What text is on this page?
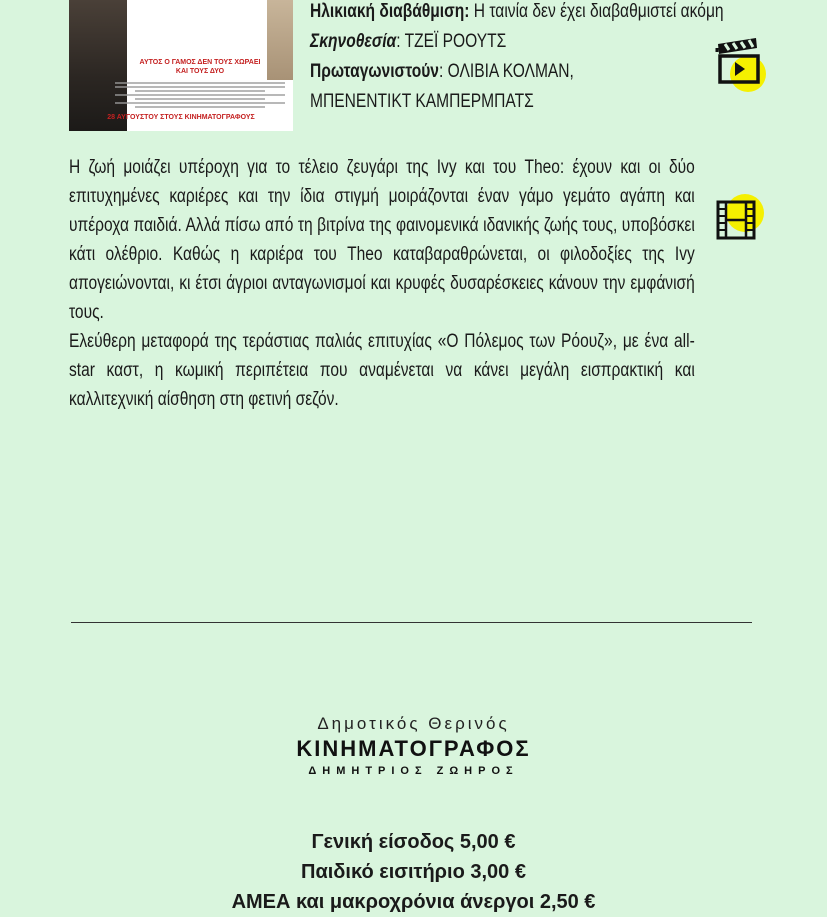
ΑΥΤΟΣ Ο ΓΑΜΟΣ ΔΕΝ ΤΟΥΣ ΧΩΡΑΕΙ
ΚΑΙ ΤΟΥΣ ΔΥΟ
28 ΑΥΓΟΥΣΤΟΥ ΣΤΟΥΣ ΚΙΝΗΜΑΤΟΓΡΑΦΟΥΣ
Ηλικιακή διαβάθμιση: Η ταινία δεν έχει διαβαθμιστεί ακόμη
Σκηνοθεσία: ΤΖΕΪ ΡΟΟΥΤΣ
Πρωταγωνιστούν: ΟΛΙΒΙΑ ΚΟΛΜΑΝ,
ΜΠΕΝΕΝΤΙΚΤ ΚΑΜΠΕΡΜΠΑΤΣ

Η ζωή μοιάζει υπέροχη για το τέλειο ζευγάρι της Ivy και του Theo: έχουν και οι δύο επιτυχημένες καριέρες και την ίδια στιγμή μοιράζονται έναν γάμο γεμάτο αγάπη και υπέροχα παιδιά. Αλλά πίσω από τη βιτρίνα της φαινομενικά ιδανικής ζωής τους, υποβόσκει κάτι ολέθριο. Καθώς η καριέρα του Theo καταβαραθρώνεται, οι φιλοδοξίες της Ivy απογειώνονται, κι έτσι άγριοι ανταγωνισμοί και κρυφές δυσαρέσκειες κάνουν την εμφάνισή τους.

Ελεύθερη μεταφορά της τεράστιας παλιάς επιτυχίας «Ο Πόλεμος των Ρόουζ», με ένα all-star καστ, η κωμική περιπέτεια που αναμένεται να κάνει μεγάλη εισπρακτική και καλλιτεχνική αίσθηση στη φετινή σεζόν.

Δημοτικός Θερινός
ΚΙΝΗΜΑΤΟΓΡΑΦΟΣ
ΔΗΜΗΤΡΙΟΣ ΖΩΗΡΟΣ
Γενική είσοδος 5,00 €
Παιδικό εισιτήριο 3,00 €
ΑΜΕΑ και μακροχρόνια άνεργοι 2,50 €
